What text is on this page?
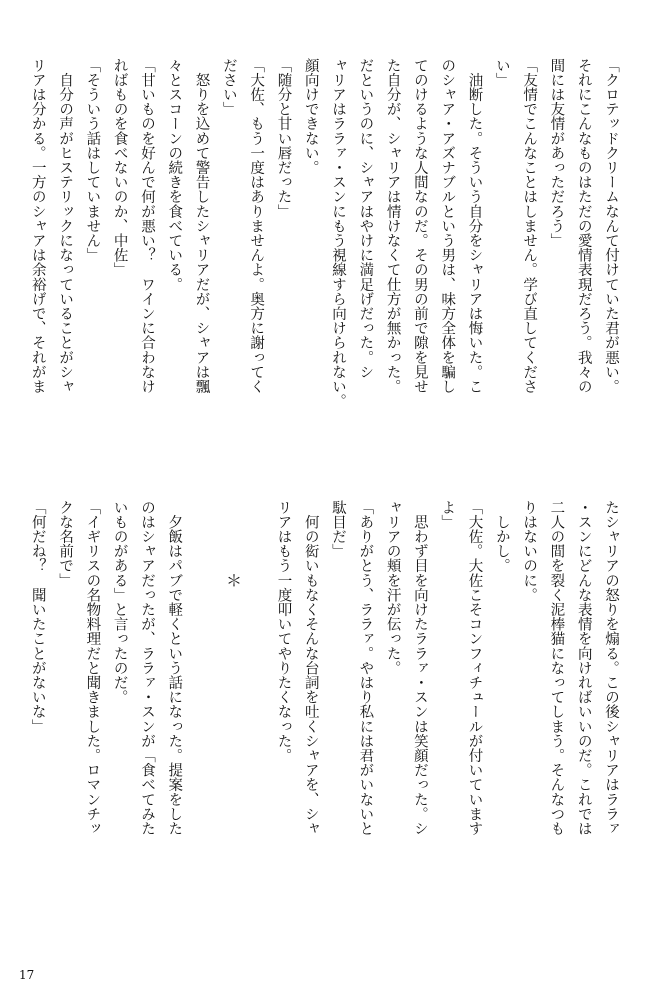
「クロテッドクリームなんて付けていた君が悪い。

それにこんなものはただの愛情表現だろう。我々の

間には友情があっただろう」

「友情でこんなことはしません。学び直してくださ

い」

　油断した。そういう自分をシャリアは悔いた。こ

のシャア・アズナブルという男は、味方全体を騙し

てのけるような人間なのだ。その男の前で隙を見せ

た自分が、シャリアは情けなくて仕方が無かった。

だというのに、シャアはやけに満足げだった。シ

ャリアはララァ・スンにもう視線すら向けられない。

顔向けできない。

「随分と甘い唇だった」

「大佐、もう一度はありませんよ。奥方に謝ってく

ださい」

　怒りを込めて警告したシャリアだが、シャアは飄

々とスコーンの続きを食べている。

「甘いものを好んで何が悪い？　ワインに合わなけ

ればものを食べないのか、中佐」

「そういう話はしていません」

　自分の声がヒステリックになっていることがシャ

リアは分かる。一方のシャアは余裕げで、それがま

たシャリアの怒りを煽る。この後シャリアはララァ

・スンにどんな表情を向ければいいのだ。これでは

二人の間を裂く泥棒猫になってしまう。そんなつも

りはないのに。

　しかし。

「大佐。大佐こそコンフィチュールが付いています

よ」

　思わず目を向けたララァ・スンは笑顔だった。シ

ャリアの頬を汗が伝った。

「ありがとう、ララァ。やはり私には君がいないと

駄目だ」

　何の衒いもなくそんな台詞を吐くシャアを、シャ

リアはもう一度叩いてやりたくなった。

　夕飯はパブで軽くという話になった。提案をした

のはシャアだったが、ララァ・スンが「食べてみた

いものがある」と言ったのだ。

「イギリスの名物料理だと聞きました。ロマンチッ

クな名前で」

「何だね？　聞いたことがないな」	＊
17
